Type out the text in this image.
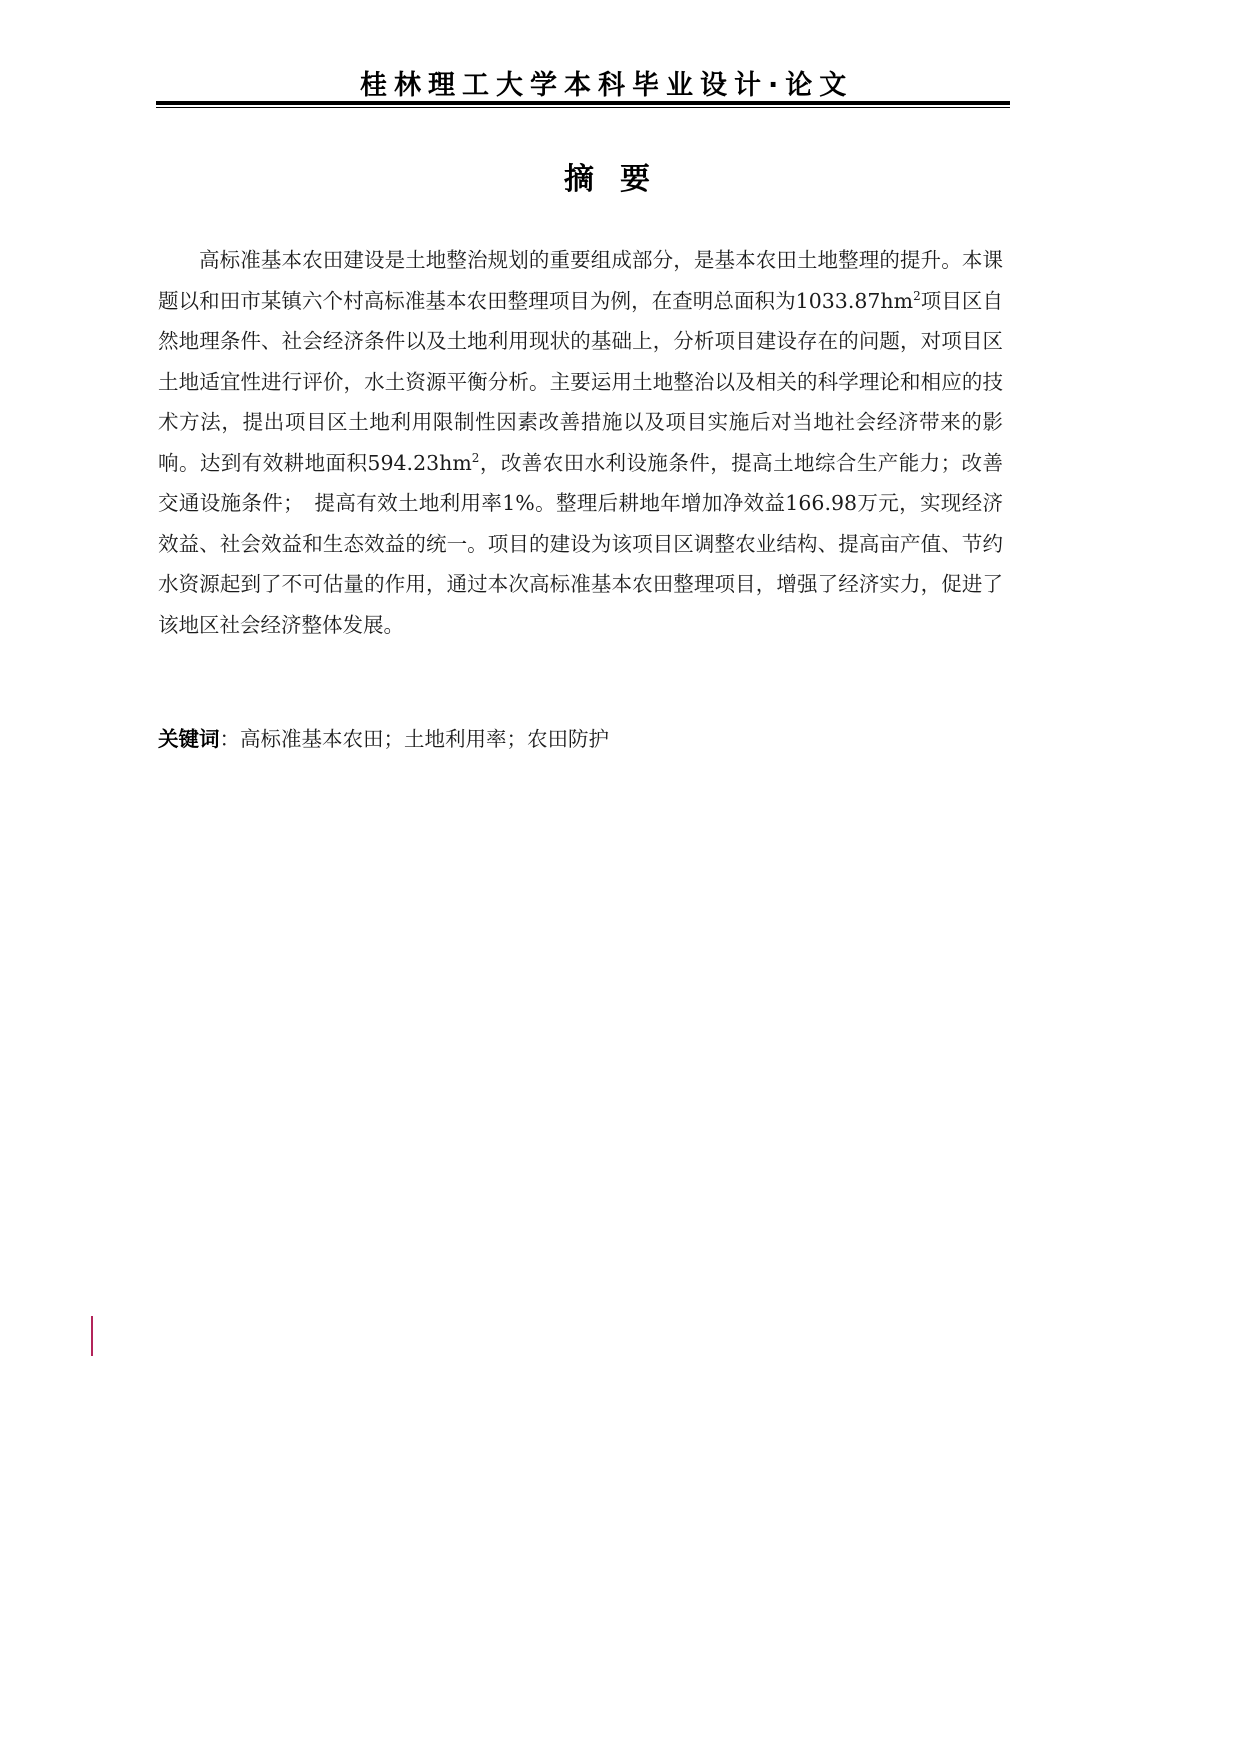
桂林理工大学本科毕业设计·论文
摘要

高标准基本农田建设是土地整治规划的重要组成部分，是基本农田土地整理的提升。本课题以和田市某镇六个村高标准基本农田整理项目为例，在查明总面积为$1033.87hm^2$项目区自然地理条件、社会经济条件以及土地利用现状的基础上，分析项目建设存在的问题，对项目区土地适宜性进行评价，水土资源平衡分析。主要运用土地整治以及相关的科学理论和相应的技术方法，提出项目区土地利用限制性因素改善措施以及项目实施后对当地社会经济带来的影响。达到有效耕地面积$594.23hm^2$，改善农田水利设施条件，提高土地综合生产能力；改善交通设施条件；　提高有效土地利用率1%。整理后耕地年增加净效益166.98万元，实现经济效益、社会效益和生态效益的统一。项目的建设为该项目区调整农业结构、提高亩产值、节约水资源起到了不可估量的作用，通过本次高标准基本农田整理项目，增强了经济实力，促进了该地区社会经济整体发展。

关键词：高标准基本农田；土地利用率；农田防护
